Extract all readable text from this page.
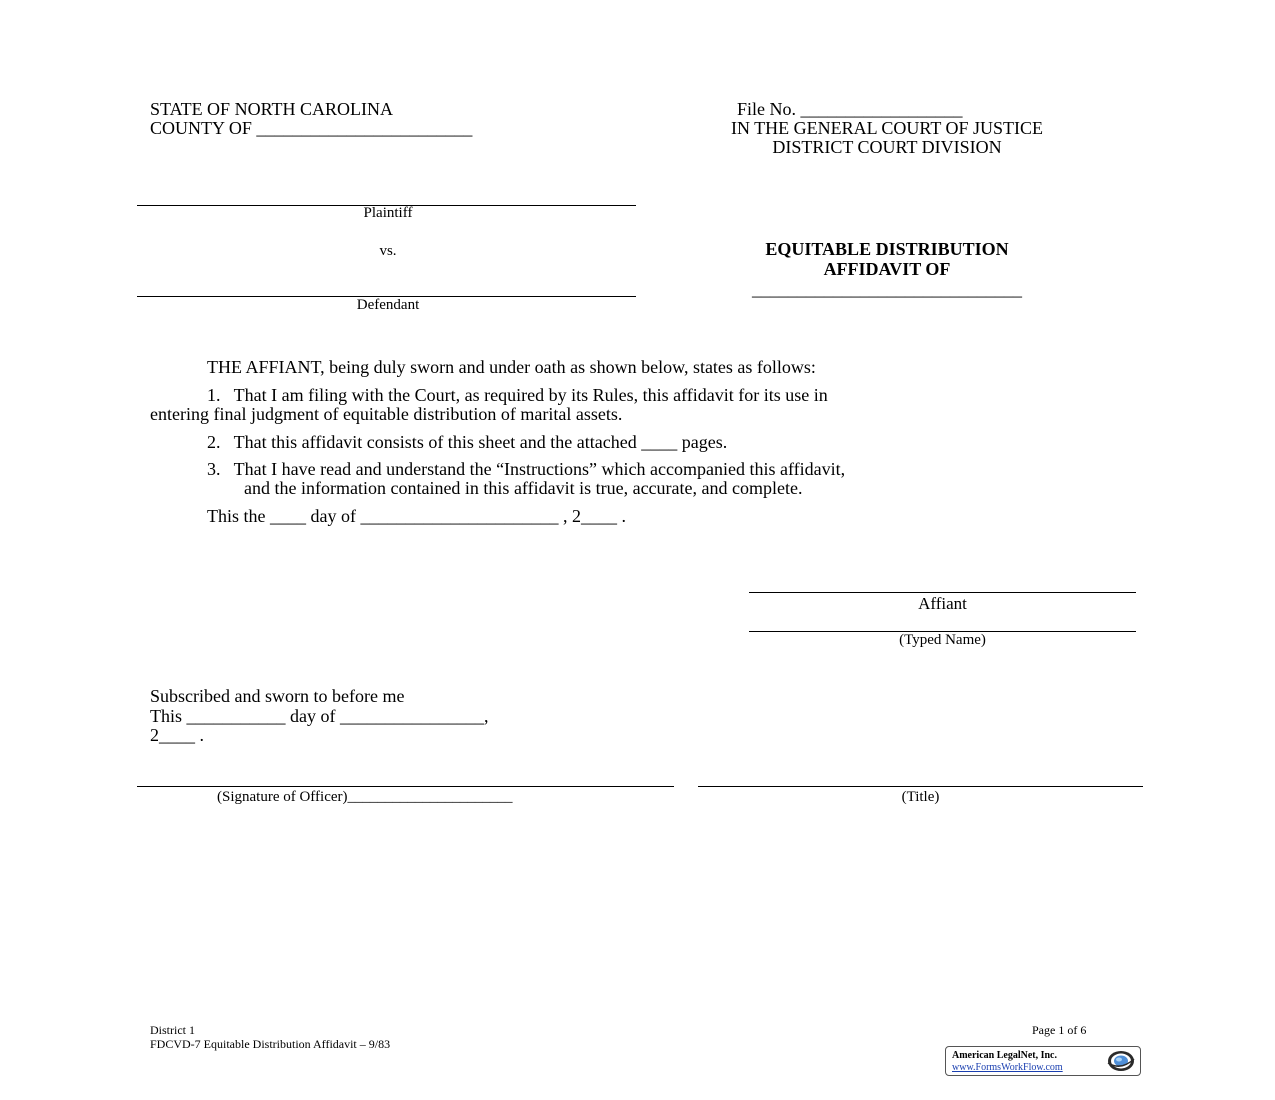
STATE OF NORTH CAROLINA
COUNTY OF ________________________
File No. __________________
IN THE GENERAL COURT OF JUSTICE
DISTRICT COURT DIVISION
Plaintiff
vs.
Defendant
EQUITABLE DISTRIBUTION
AFFIDAVIT OF
______________________________
THE AFFIANT, being duly sworn and under oath as shown below, states as follows:
1.   That I am filing with the Court, as required by its Rules, this affidavit for its use in
entering final judgment of equitable distribution of marital assets.
2.   That this affidavit consists of this sheet and the attached ____ pages.
3.   That I have read and understand the “Instructions” which accompanied this affidavit,
and the information contained in this affidavit is true, accurate, and complete.
This the ____ day of ______________________ , 2____ .
Affiant
(Typed Name)
Subscribed and sworn to before me
This ___________ day of ________________,
2____ .
(Signature of Officer)______________________	(Title)
District 1
FDCVD-7 Equitable Distribution Affidavit – 9/83
Page 1 of 6
American LegalNet, Inc.
www.FormsWorkFlow.com
